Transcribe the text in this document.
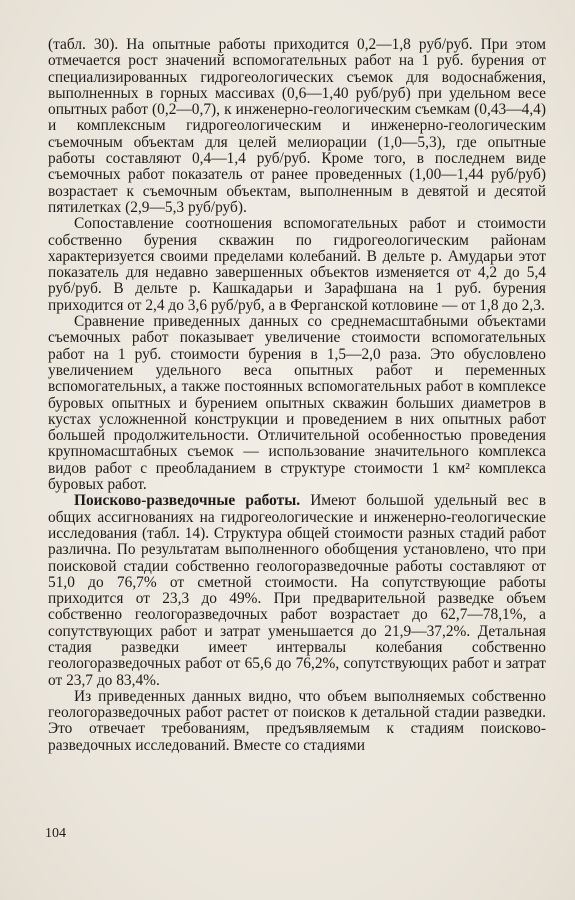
(табл. 30). На опытные работы приходится 0,2—1,8 руб/руб. При этом отмечается рост значений вспомогательных работ на 1 руб. бурения от специализированных гидрогеологических съемок для водоснабжения, выполненных в горных массивах (0,6—1,40 руб/руб) при удельном весе опытных работ (0,2—0,7), к инженерно-геологическим съемкам (0,43—4,4) и комплексным гидрогеологическим и инженерно-геологическим съемочным объектам для целей мелиорации (1,0—5,3), где опытные работы составляют 0,4—1,4 руб/руб. Кроме того, в последнем виде съемочных работ показатель от ранее проведенных (1,00—1,44 руб/руб) возрастает к съемочным объектам, выполненным в девятой и десятой пятилетках (2,9—5,3 руб/руб).

Сопоставление соотношения вспомогательных работ и стоимости собственно бурения скважин по гидрогеологическим районам характеризуется своими пределами колебаний. В дельте р. Амударьи этот показатель для недавно завершенных объектов изменяется от 4,2 до 5,4 руб/руб. В дельте р. Кашкадарьи и Зарафшана на 1 руб. бурения приходится от 2,4 до 3,6 руб/руб, а в Ферганской котловине — от 1,8 до 2,3.

Сравнение приведенных данных со среднемасштабными объектами съемочных работ показывает увеличение стоимости вспомогательных работ на 1 руб. стоимости бурения в 1,5—2,0 раза. Это обусловлено увеличением удельного веса опытных работ и переменных вспомогательных, а также постоянных вспомогательных работ в комплексе буровых опытных и бурением опытных скважин больших диаметров в кустах усложненной конструкции и проведением в них опытных работ большей продолжительности. Отличительной особенностью проведения крупномасштабных съемок — использование значительного комплекса видов работ с преобладанием в структуре стоимости 1 км² комплекса буровых работ.

Поисково-разведочные работы. Имеют большой удельный вес в общих ассигнованиях на гидрогеологические и инженерно-геологические исследования (табл. 14). Структура общей стоимости разных стадий работ различна. По результатам выполненного обобщения установлено, что при поисковой стадии собственно геологоразведочные работы составляют от 51,0 до 76,7% от сметной стоимости. На сопутствующие работы приходится от 23,3 до 49%. При предварительной разведке объем собственно геологоразведочных работ возрастает до 62,7—78,1%, а сопутствующих работ и затрат уменьшается до 21,9—37,2%. Детальная стадия разведки имеет интервалы колебания собственно геологоразведочных работ от 65,6 до 76,2%, сопутствующих работ и затрат от 23,7 до 83,4%.

Из приведенных данных видно, что объем выполняемых собственно геологоразведочных работ растет от поисков к детальной стадии разведки. Это отвечает требованиям, предъявляемым к стадиям поисково-разведочных исследований. Вместе со стадиями

104
